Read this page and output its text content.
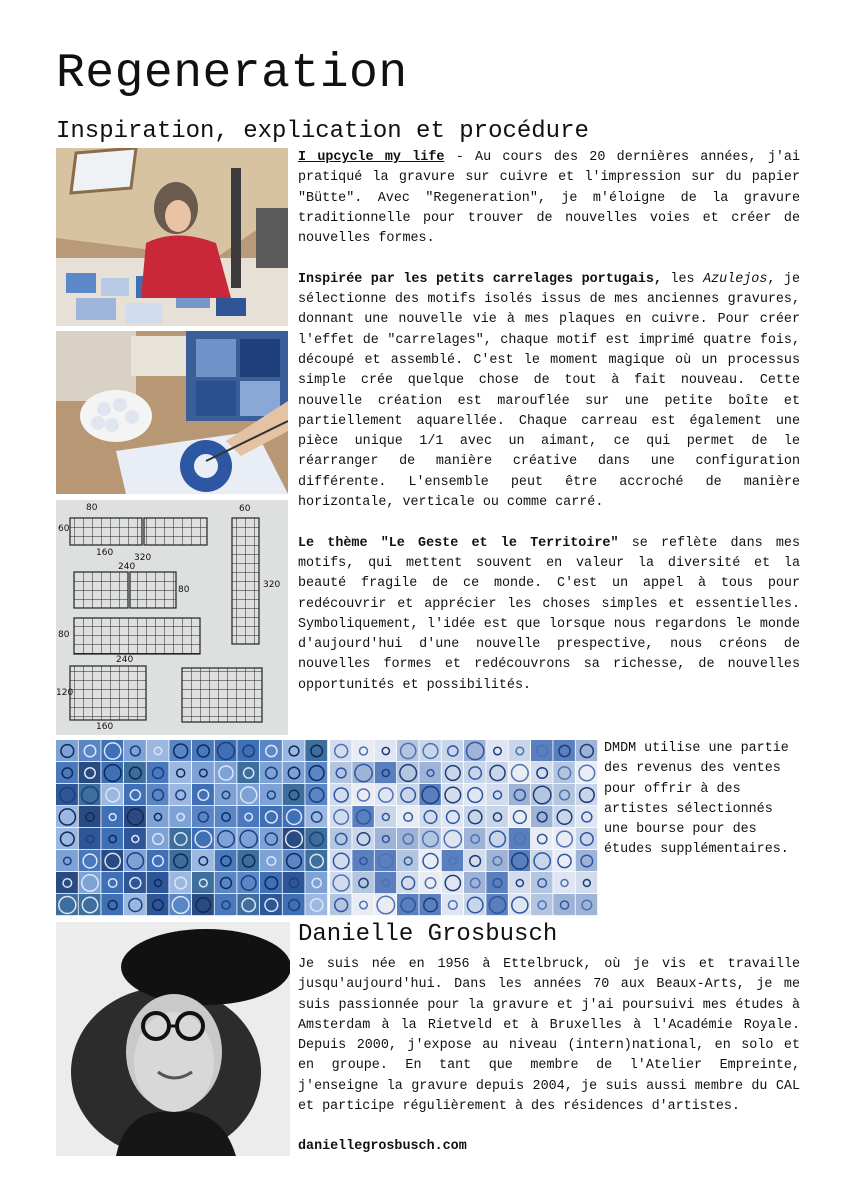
Regeneration
Inspiration, explication et procédure
80
60
60
160 320
240
80	320
80
240
120
160

I upcycle my life - Au cours des 20 dernières années, j'ai pratiqué la gravure sur cuivre et l'impression sur du papier "Bütte". Avec "Regeneration", je m'éloigne de la gravure traditionnelle pour trouver de nouvelles voies et créer de nouvelles formes.

Inspirée par les petits carrelages portugais, les Azulejos, je sélectionne des motifs isolés issus de mes anciennes gravures, donnant une nouvelle vie à mes plaques en cuivre. Pour créer l'effet de "carrelages", chaque motif est imprimé quatre fois, découpé et assemblé. C'est le moment magique où un processus simple crée quelque chose de tout à fait nouveau. Cette nouvelle création est marouflée sur une petite boîte et partiellement aquarellée. Chaque carreau est également une pièce unique 1/1 avec un aimant, ce qui permet de le réarranger de manière créative dans une configuration différente. L'ensemble peut être accroché de manière horizontale, verticale ou comme carré.

Le thème "Le Geste et le Territoire" se reflète dans mes motifs, qui mettent souvent en valeur la diversité et la beauté fragile de ce monde. C'est un appel à tous pour redécouvrir et apprécier les choses simples et essentielles. Symboliquement, l'idée est que lorsque nous regardons le monde d'aujourd'hui d'une nouvelle prespective, nous créons de nouvelles formes et redécouvrons sa richesse, de nouvelles opportunités et possibilités.

DMDM utilise une partie des revenus des ventes pour offrir à des artistes sélectionnés une bourse pour des études supplémentaires.

Danielle Grosbusch

Je suis née en 1956 à Ettelbruck, où je vis et travaille jusqu'aujourd'hui. Dans les années 70 aux Beaux-Arts, je me suis passionnée pour la gravure et j'ai poursuivi mes études à Amsterdam à la Rietveld et à Bruxelles à l'Académie Royale. Depuis 2000, j'expose au niveau (intern)national, en solo et en groupe. En tant que membre de l'Atelier Empreinte, j'enseigne la gravure depuis 2004, je suis aussi membre du CAL et participe régulièrement à des résidences d'artistes.

daniellegrosbusch.com
